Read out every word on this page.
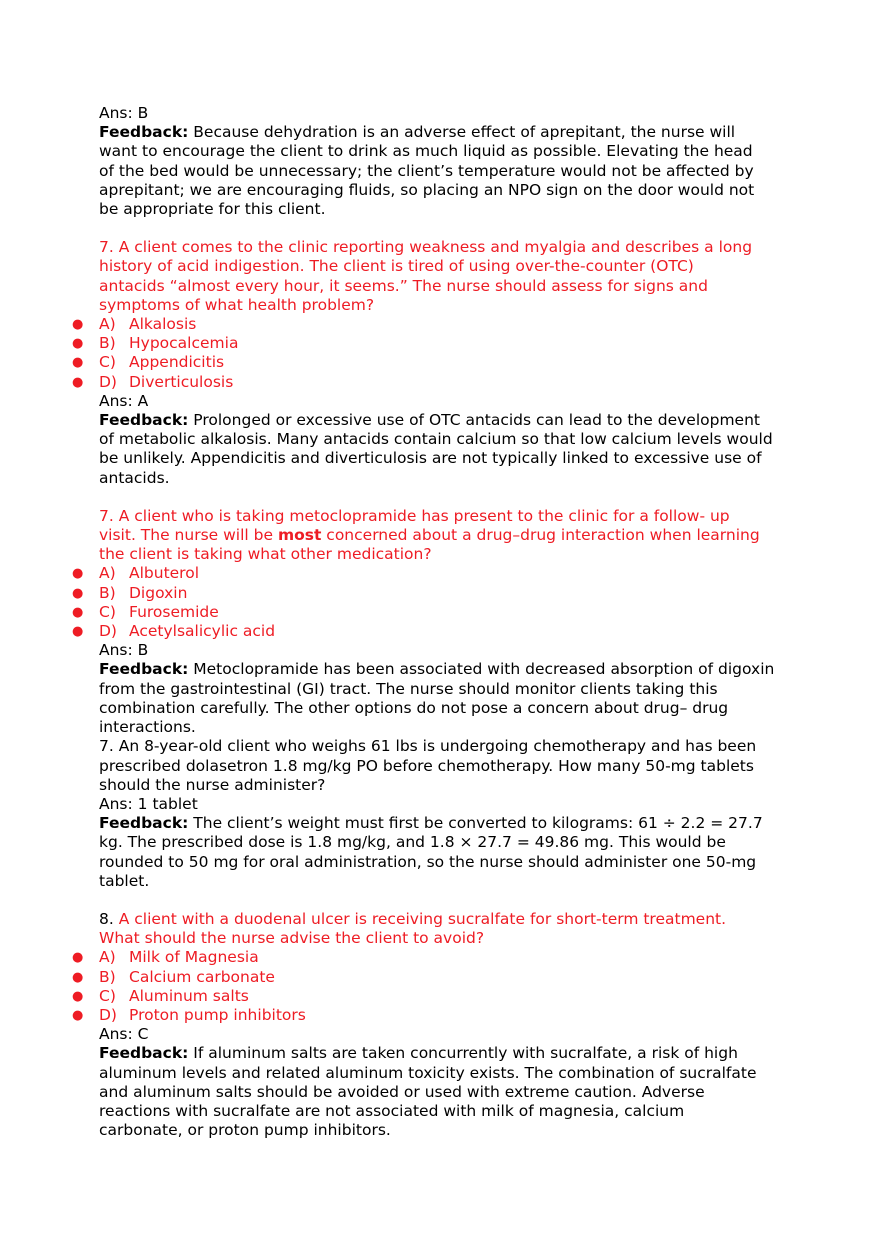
Ans: B
Feedback: Because dehydration is an adverse effect of aprepitant, the nurse will
want to encourage the client to drink as much liquid as possible. Elevating the head
of the bed would be unnecessary; the client’s temperature would not be affected by
aprepitant; we are encouraging fluids, so placing an NPO sign on the door would not
be appropriate for this client.
7. A client comes to the clinic reporting weakness and myalgia and describes a long
history of acid indigestion. The client is tired of using over-the-counter (OTC)
antacids “almost every hour, it seems.” The nurse should assess for signs and
symptoms of what health problem?
● A) Alkalosis
● B) Hypocalcemia
● C) Appendicitis
● D) Diverticulosis
Ans: A
Feedback: Prolonged or excessive use of OTC antacids can lead to the development
of metabolic alkalosis. Many antacids contain calcium so that low calcium levels would
be unlikely. Appendicitis and diverticulosis are not typically linked to excessive use of
antacids.
7. A client who is taking metoclopramide has present to the clinic for a follow- up
visit. The nurse will be most concerned about a drug–drug interaction when learning
the client is taking what other medication?
● A) Albuterol
● B) Digoxin
● C) Furosemide
● D) Acetylsalicylic acid
Ans: B
Feedback: Metoclopramide has been associated with decreased absorption of digoxin
from the gastrointestinal (GI) tract. The nurse should monitor clients taking this
combination carefully. The other options do not pose a concern about drug– drug
interactions.
7. An 8-year-old client who weighs 61 lbs is undergoing chemotherapy and has been
prescribed dolasetron 1.8 mg/kg PO before chemotherapy. How many 50-mg tablets
should the nurse administer?
Ans: 1 tablet
Feedback: The client’s weight must first be converted to kilograms: 61 ÷ 2.2 = 27.7
kg. The prescribed dose is 1.8 mg/kg, and 1.8 × 27.7 = 49.86 mg. This would be
rounded to 50 mg for oral administration, so the nurse should administer one 50-mg
tablet.
8. A client with a duodenal ulcer is receiving sucralfate for short-term treatment.
What should the nurse advise the client to avoid?
● A) Milk of Magnesia
● B) Calcium carbonate
● C) Aluminum salts
● D) Proton pump inhibitors
Ans: C
Feedback: If aluminum salts are taken concurrently with sucralfate, a risk of high
aluminum levels and related aluminum toxicity exists. The combination of sucralfate
and aluminum salts should be avoided or used with extreme caution. Adverse
reactions with sucralfate are not associated with milk of magnesia, calcium
carbonate, or proton pump inhibitors.
